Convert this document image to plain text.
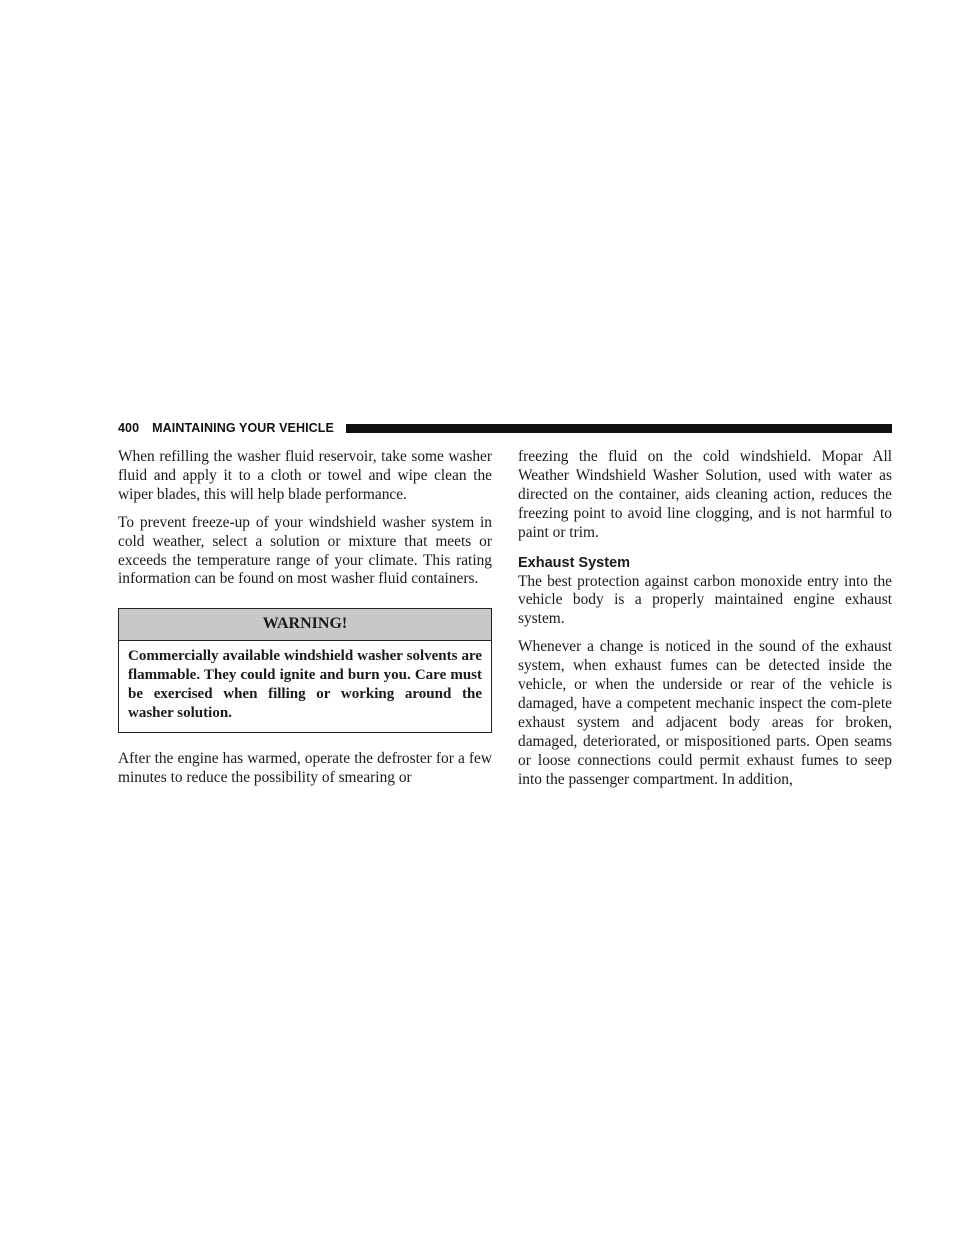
400 MAINTAINING YOUR VEHICLE

When refilling the washer fluid reservoir, take some washer fluid and apply it to a cloth or towel and wipe clean the wiper blades, this will help blade performance.

To prevent freeze-up of your windshield washer system in cold weather, select a solution or mixture that meets or exceeds the temperature range of your climate. This rating information can be found on most washer fluid containers.

WARNING!
Commercially available windshield washer solvents are flammable. They could ignite and burn you. Care must be exercised when filling or working around the washer solution.

After the engine has warmed, operate the defroster for a few minutes to reduce the possibility of smearing or

freezing the fluid on the cold windshield. Mopar All Weather Windshield Washer Solution, used with water as directed on the container, aids cleaning action, reduces the freezing point to avoid line clogging, and is not harmful to paint or trim.

Exhaust System

The best protection against carbon monoxide entry into the vehicle body is a properly maintained engine exhaust system.

Whenever a change is noticed in the sound of the exhaust system, when exhaust fumes can be detected inside the vehicle, or when the underside or rear of the vehicle is damaged, have a competent mechanic inspect the com-plete exhaust system and adjacent body areas for broken, damaged, deteriorated, or mispositioned parts. Open seams or loose connections could permit exhaust fumes to seep into the passenger compartment. In addition,
